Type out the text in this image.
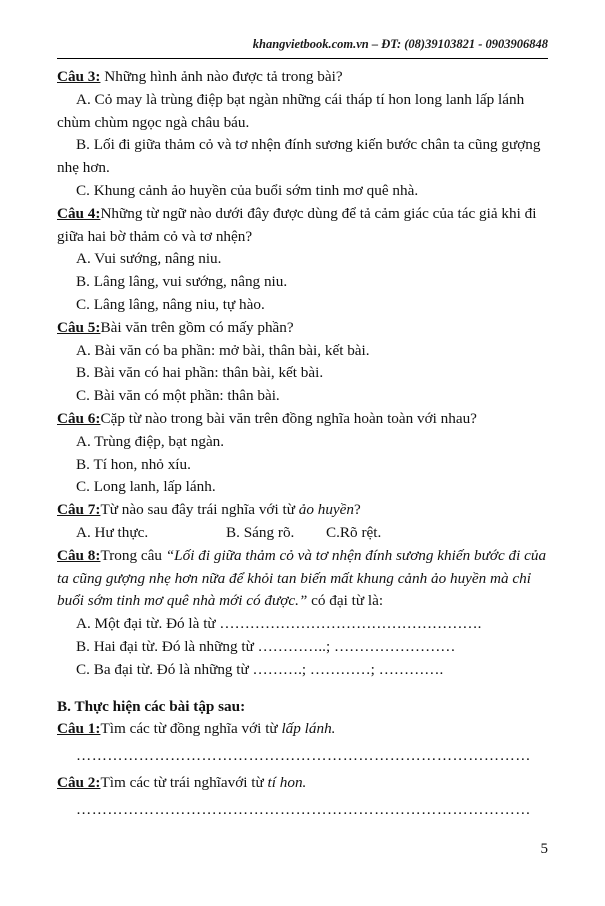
khangvietbook.com.vn – ĐT: (08)39103821 - 0903906848

Câu 3: Những hình ảnh nào được tả trong bài?

A. Cỏ may là trùng điệp bạt ngàn những cái tháp tí hon long lanh lấp lánh chùm chùm ngọc ngà châu báu.

B. Lối đi giữa thảm cỏ và tơ nhện đính sương kiến bước chân ta cũng gượng nhẹ hơn.

C. Khung cảnh ảo huyền của buổi sớm tinh mơ quê nhà.

Câu 4:Những từ ngữ nào dưới đây được dùng để tả cảm giác của tác giả khi đi giữa hai bờ thảm cỏ và tơ nhện?

A. Vui sướng, nâng niu.

B. Lâng lâng, vui sướng, nâng niu.

C. Lâng lâng, nâng niu, tự hào.

Câu 5:Bài văn trên gồm có mấy phần?

A. Bài văn có ba phần: mở bài, thân bài, kết bài.

B. Bài văn có hai phần: thân bài, kết bài.

C. Bài văn có một phần: thân bài.

Câu 6:Cặp từ nào trong bài văn trên đồng nghĩa hoàn toàn với nhau?

A. Trùng điệp, bạt ngàn.

B. Tí hon, nhỏ xíu.

C. Long lanh, lấp lánh.

Câu 7:Từ nào sau đây trái nghĩa với từ ảo huyền?

A. Hư thực.	B. Sáng rõ.	C.Rõ rệt.

Câu 8:Trong câu “Lối đi giữa thảm cỏ và tơ nhện đính sương khiến bước đi của ta cũng gượng nhẹ hơn nữa để khỏi tan biến mất khung cảnh ảo huyền mà chỉ buổi sớm tinh mơ quê nhà mới có được.” có đại từ là:

A. Một đại từ. Đó là từ …………………………………………….

B. Hai đại từ. Đó là những từ …………..; ……………………

C. Ba đại từ. Đó là những từ ……….; …………; ………….

B. Thực hiện các bài tập sau:

Câu 1:Tìm các từ đồng nghĩa với từ lấp lánh.

……………………………………………………………………………

Câu 2:Tìm các từ trái nghĩavới từ tí hon.

……………………………………………………………………………

5
